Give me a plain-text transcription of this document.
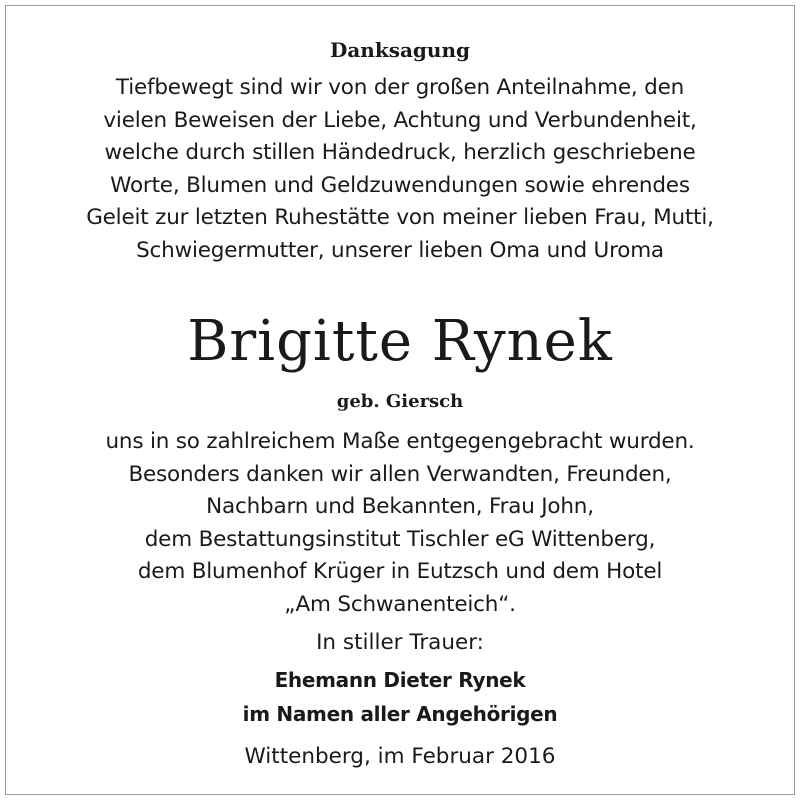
Danksagung
Tiefbewegt sind wir von der großen Anteilnahme, den
vielen Beweisen der Liebe, Achtung und Verbundenheit,
welche durch stillen Händedruck, herzlich geschriebene
Worte, Blumen und Geldzuwendungen sowie ehrendes
Geleit zur letzten Ruhestätte von meiner lieben Frau, Mutti,
Schwiegermutter, unserer lieben Oma und Uroma
Brigitte Rynek
geb. Giersch
uns in so zahlreichem Maße entgegengebracht wurden.
Besonders danken wir allen Verwandten, Freunden,
Nachbarn und Bekannten, Frau John,
dem Bestattungsinstitut Tischler eG Wittenberg,
dem Blumenhof Krüger in Eutzsch und dem Hotel
„Am Schwanenteich“.
In stiller Trauer:
Ehemann Dieter Rynek
im Namen aller Angehörigen
Wittenberg, im Februar 2016
